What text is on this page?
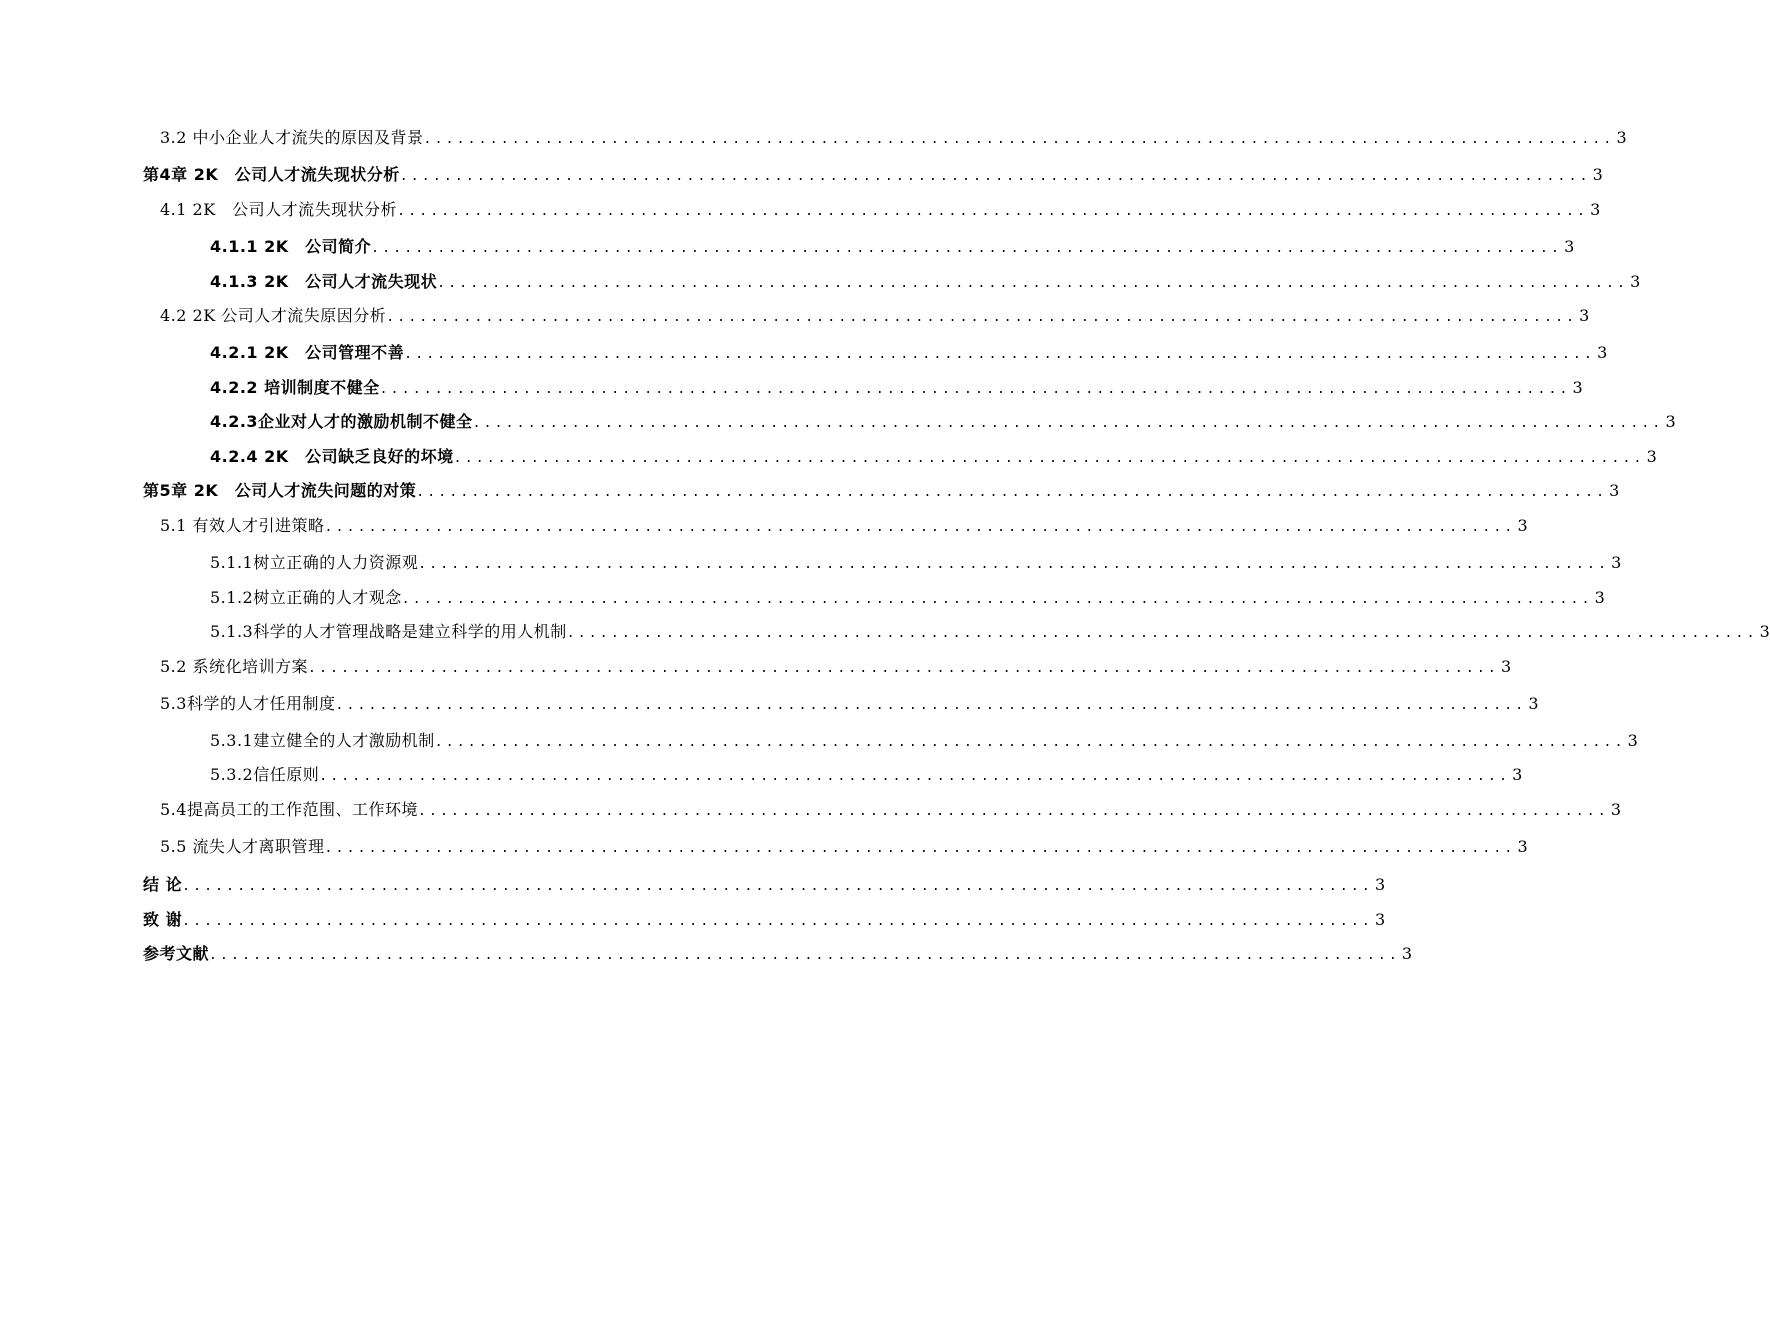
3.2 中小企业人才流失的原因及背景 ............................................................................................................ 3
第4章 2K　公司人才流失现状分析 ............................................................................................................ 3
4.1 2K　公司人才流失现状分析 ............................................................................................................ 3
4.1.1 2K　公司简介 ............................................................................................................ 3
4.1.3 2K　公司人才流失现状 ............................................................................................................ 3
4.2 2K 公司人才流失原因分析 ............................................................................................................ 3
4.2.1 2K　公司管理不善 ............................................................................................................ 3
4.2.2 培训制度不健全 ............................................................................................................ 3
4.2.3企业对人才的激励机制不健全 ............................................................................................................ 3
4.2.4 2K　公司缺乏良好的坏境 ............................................................................................................ 3
第5章 2K　公司人才流失问题的对策 ............................................................................................................ 3
5.1 有效人才引进策略 ............................................................................................................ 3
5.1.1树立正确的人力资源观 ............................................................................................................ 3
5.1.2树立正确的人才观念 ............................................................................................................ 3
5.1.3科学的人才管理战略是建立科学的用人机制 ............................................................................................................ 3
5.2 系统化培训方案 ............................................................................................................ 3
5.3科学的人才任用制度 ............................................................................................................ 3
5.3.1建立健全的人才激励机制 ............................................................................................................ 3
5.3.2信任原则 ............................................................................................................ 3
5.4提高员工的工作范围、工作环境 ............................................................................................................ 3
5.5 流失人才离职管理 ............................................................................................................ 3
结 论 ............................................................................................................ 3
致 谢 ............................................................................................................ 3
参考文献 ............................................................................................................ 3
